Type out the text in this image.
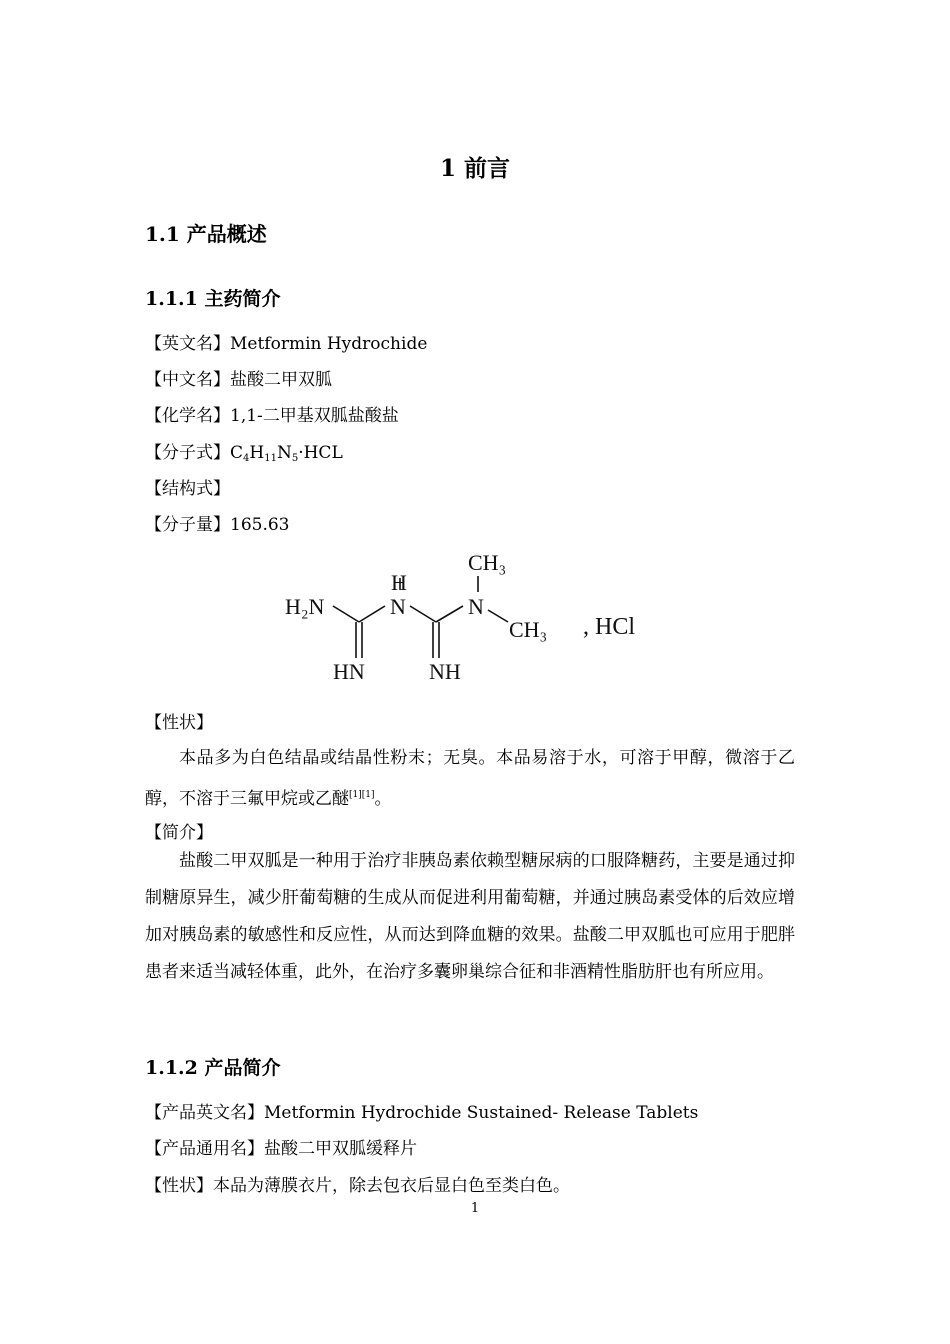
1 前言
1.1 产品概述
1.1.1 主药简介
【英文名】Metformin Hydrochide
【中文名】盐酸二甲双胍
【化学名】1,1-二甲基双胍盐酸盐
【分子式】$C_4H_{11}N_5\cdot HCL$
【结构式】
【分子量】165.63
H₂N
H
N	N
CH₃
CH₃
HN	NH
, HCl
【性状】

本品多为白色结晶或结晶性粉末；无臭。本品易溶于水，可溶于甲醇，微溶于乙醇，不溶于三氟甲烷或乙醚[1][1]。

【简介】

盐酸二甲双胍是一种用于治疗非胰岛素依赖型糖尿病的口服降糖药，主要是通过抑制糖原异生，减少肝葡萄糖的生成从而促进利用葡萄糖，并通过胰岛素受体的后效应增加对胰岛素的敏感性和反应性，从而达到降血糖的效果。盐酸二甲双胍也可应用于肥胖患者来适当减轻体重，此外，在治疗多囊卵巢综合征和非酒精性脂肪肝也有所应用。

1.1.2 产品简介
【产品英文名】Metformin Hydrochide Sustained- Release Tablets
【产品通用名】盐酸二甲双胍缓释片
【性状】本品为薄膜衣片，除去包衣后显白色至类白色。
1
